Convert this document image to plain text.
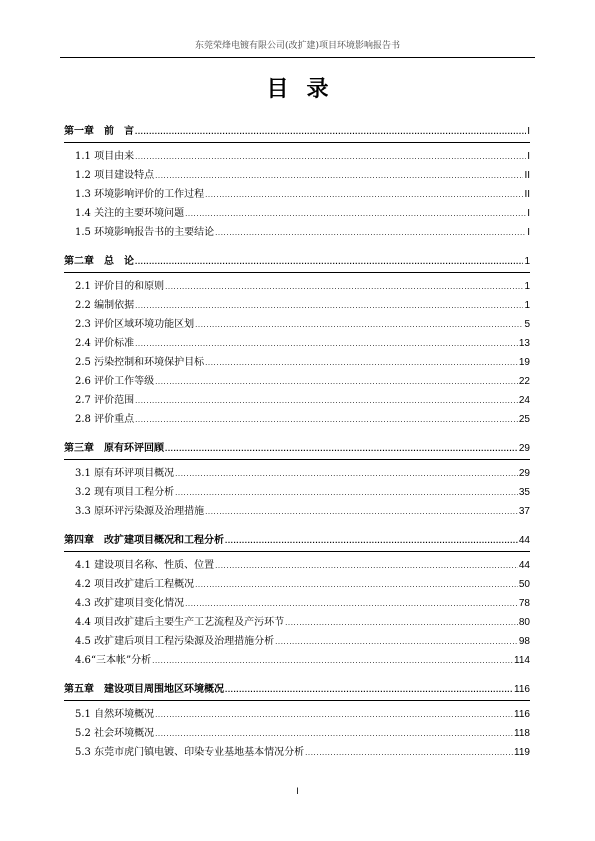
东莞荣烽电镀有限公司(改扩建)项目环境影响报告书
目录
第一章　前　言 .....	I
1.1 项目由来 .....	I
1.2 项目建设特点 .....	II
1.3 环境影响评价的工作过程 .....	II
1.4 关注的主要环境问题 .....	I
1.5 环境影响报告书的主要结论 .....	I
第二章　总　论 .....	1
2.1 评价目的和原则 .....	1
2.2 编制依据 .....	1
2.3 评价区域环境功能区划 .....	5
2.4 评价标准 .....	13
2.5 污染控制和环境保护目标 .....	19
2.6 评价工作等级 .....	22
2.7 评价范围 .....	24
2.8 评价重点 .....	25
第三章　原有环评回顾 .....	29
3.1 原有环评项目概况 .....	29
3.2 现有项目工程分析 .....	35
3.3 原环评污染源及治理措施 .....	37
第四章　改扩建项目概况和工程分析 .....	44
4.1 建设项目名称、性质、位置 .....	44
4.2 项目改扩建后工程概况 .....	50
4.3 改扩建项目变化情况 .....	78
4.4 项目改扩建后主要生产工艺流程及产污环节 .....	80
4.5 改扩建后项目工程污染源及治理措施分析 .....	98
4.6“三本帐”分析 .....	114
第五章　建设项目周围地区环境概况 .....	116
5.1 自然环境概况 .....	116
5.2 社会环境概况 .....	118
5.3 东莞市虎门镇电镀、印染专业基地基本情况分析 .....	119
I
